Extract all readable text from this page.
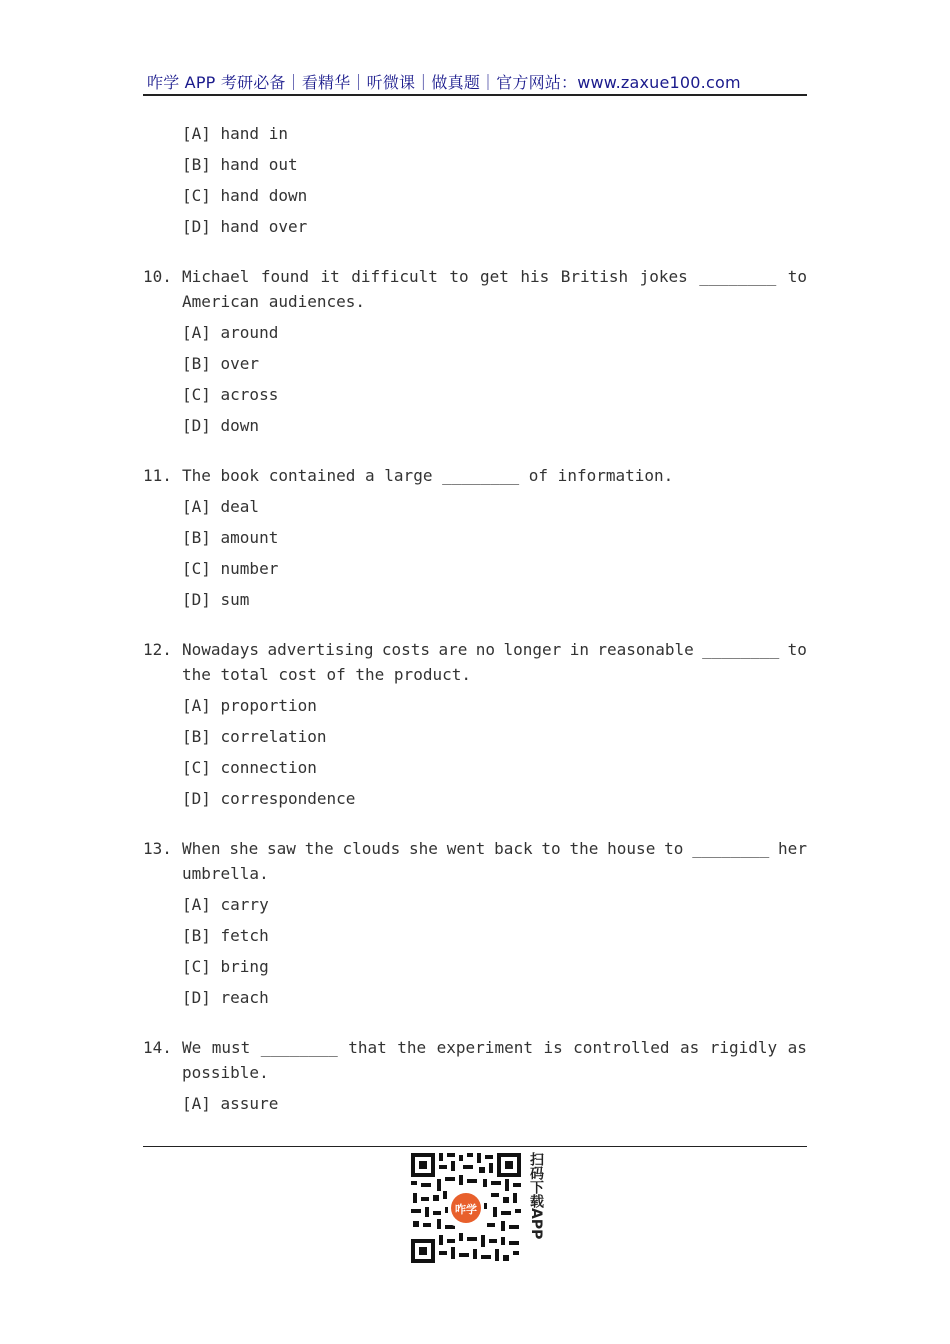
咋学 APP 考研必备｜看精华｜听微课｜做真题｜官方网站：www.zaxue100.com
[A] hand in
[B] hand out
[C] hand down
[D] hand over
10. Michael found it difficult to get his British jokes ________ to
American audiences.
[A] around
[B] over
[C] across
[D] down
11. The book contained a large ________ of information.
[A] deal
[B] amount
[C] number
[D] sum
12. Nowadays advertising costs are no longer in reasonable ________ to
the total cost of the product.
[A] proportion
[B] correlation
[C] connection
[D] correspondence
13. When she saw the clouds she went back to the house to ________ her
umbrella.
[A] carry
[B] fetch
[C] bring
[D] reach
14. We must ________ that the experiment is controlled as rigidly as
possible.
[A] assure
咋学	扫码下载APP
